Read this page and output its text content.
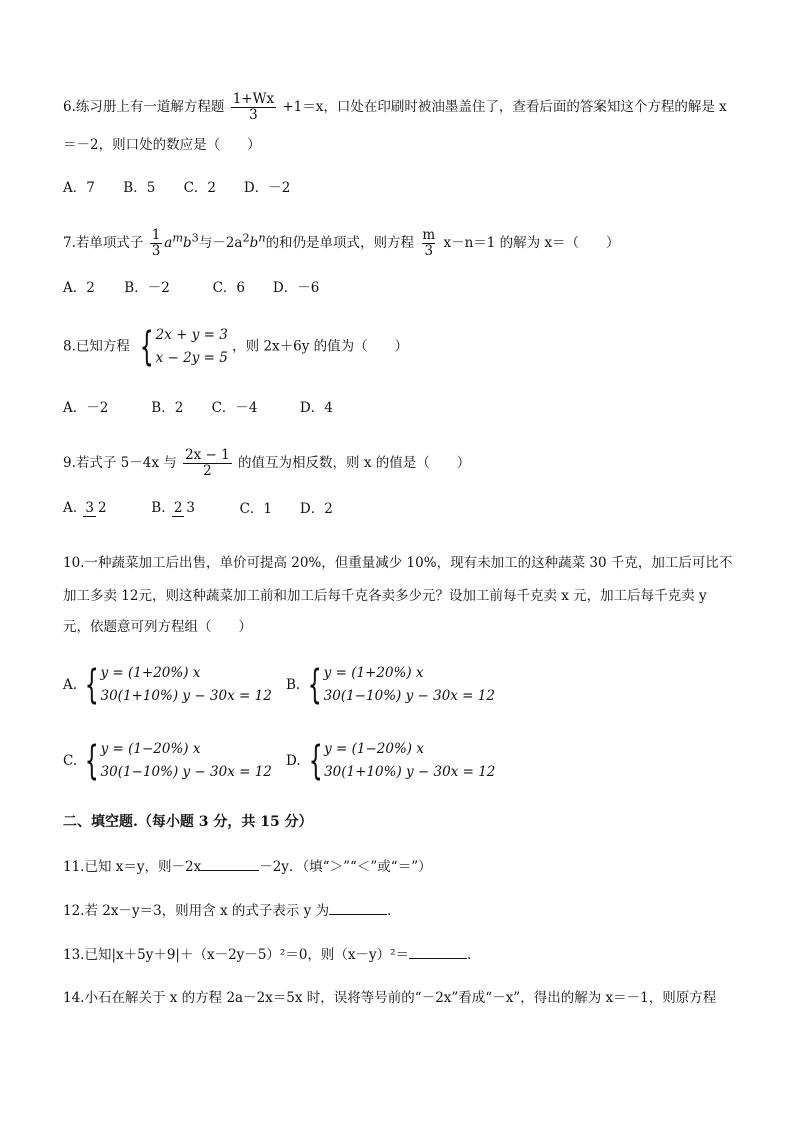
6.练习册上有一道解方程题 $\frac{1+Wx}{3} +1=x$，口处在印刷时被油墨盖住了，查看后面的答案知这个方程的解是 x
＝－2，则口处的数应是（　　）
A．7 B．5 C．2 D．－2
7.若单项式子 $\frac{1}{3} a^mb^3$与$-2a^2b^n$的和仍是单项式，则方程 $\frac{m}{3} x-n=1$ 的解为 x＝（　　）
A．2 B．－2	C．6 D．－6
8.已知方程 { 2x + y = 3
x − 2y = 5
，则 2x＋6y 的值为（　　）
A．－2	B．2 C．－4	D．4
9.若式子 5－4x 与 $\frac{2x - 1}{2}$ 的值互为相反数，则 x 的值是（　　）
A. 3 2	B. 2 3	C．1 D．2
10.一种蔬菜加工后出售，单价可提高 20%，但重量减少 10%，现有未加工的这种蔬菜 30 千克，加工后可比不
加工多卖 12元，则这种蔬菜加工前和加工后每千克各卖多少元？设加工前每千克卖 x 元，加工后每千克卖 y
元，依题意可列方程组（　　）
A. { y = (1+20%) x
30(1+10%) y − 30x = 12
B. { y = (1+20%) x
30(1−10%) y − 30x = 12
C. { y = (1−20%) x
30(1−10%) y − 30x = 12
D. { y = (1−20%) x
30(1+10%) y − 30x = 12
二、填空题.（每小题 3 分，共 15 分）
11.已知 x＝y，则－2x	－2y．（填“＞”“＜”或“＝”）
12.若 2x－y＝3，则用含 x 的式子表示 y 为	．
13.已知|x＋5y＋9|＋（x－2y－5）²＝0，则（x－y）²＝	．
14.小石在解关于 x 的方程 2a－2x＝5x 时，误将等号前的“－2x”看成“－x”，得出的解为 x＝－1，则原方程
